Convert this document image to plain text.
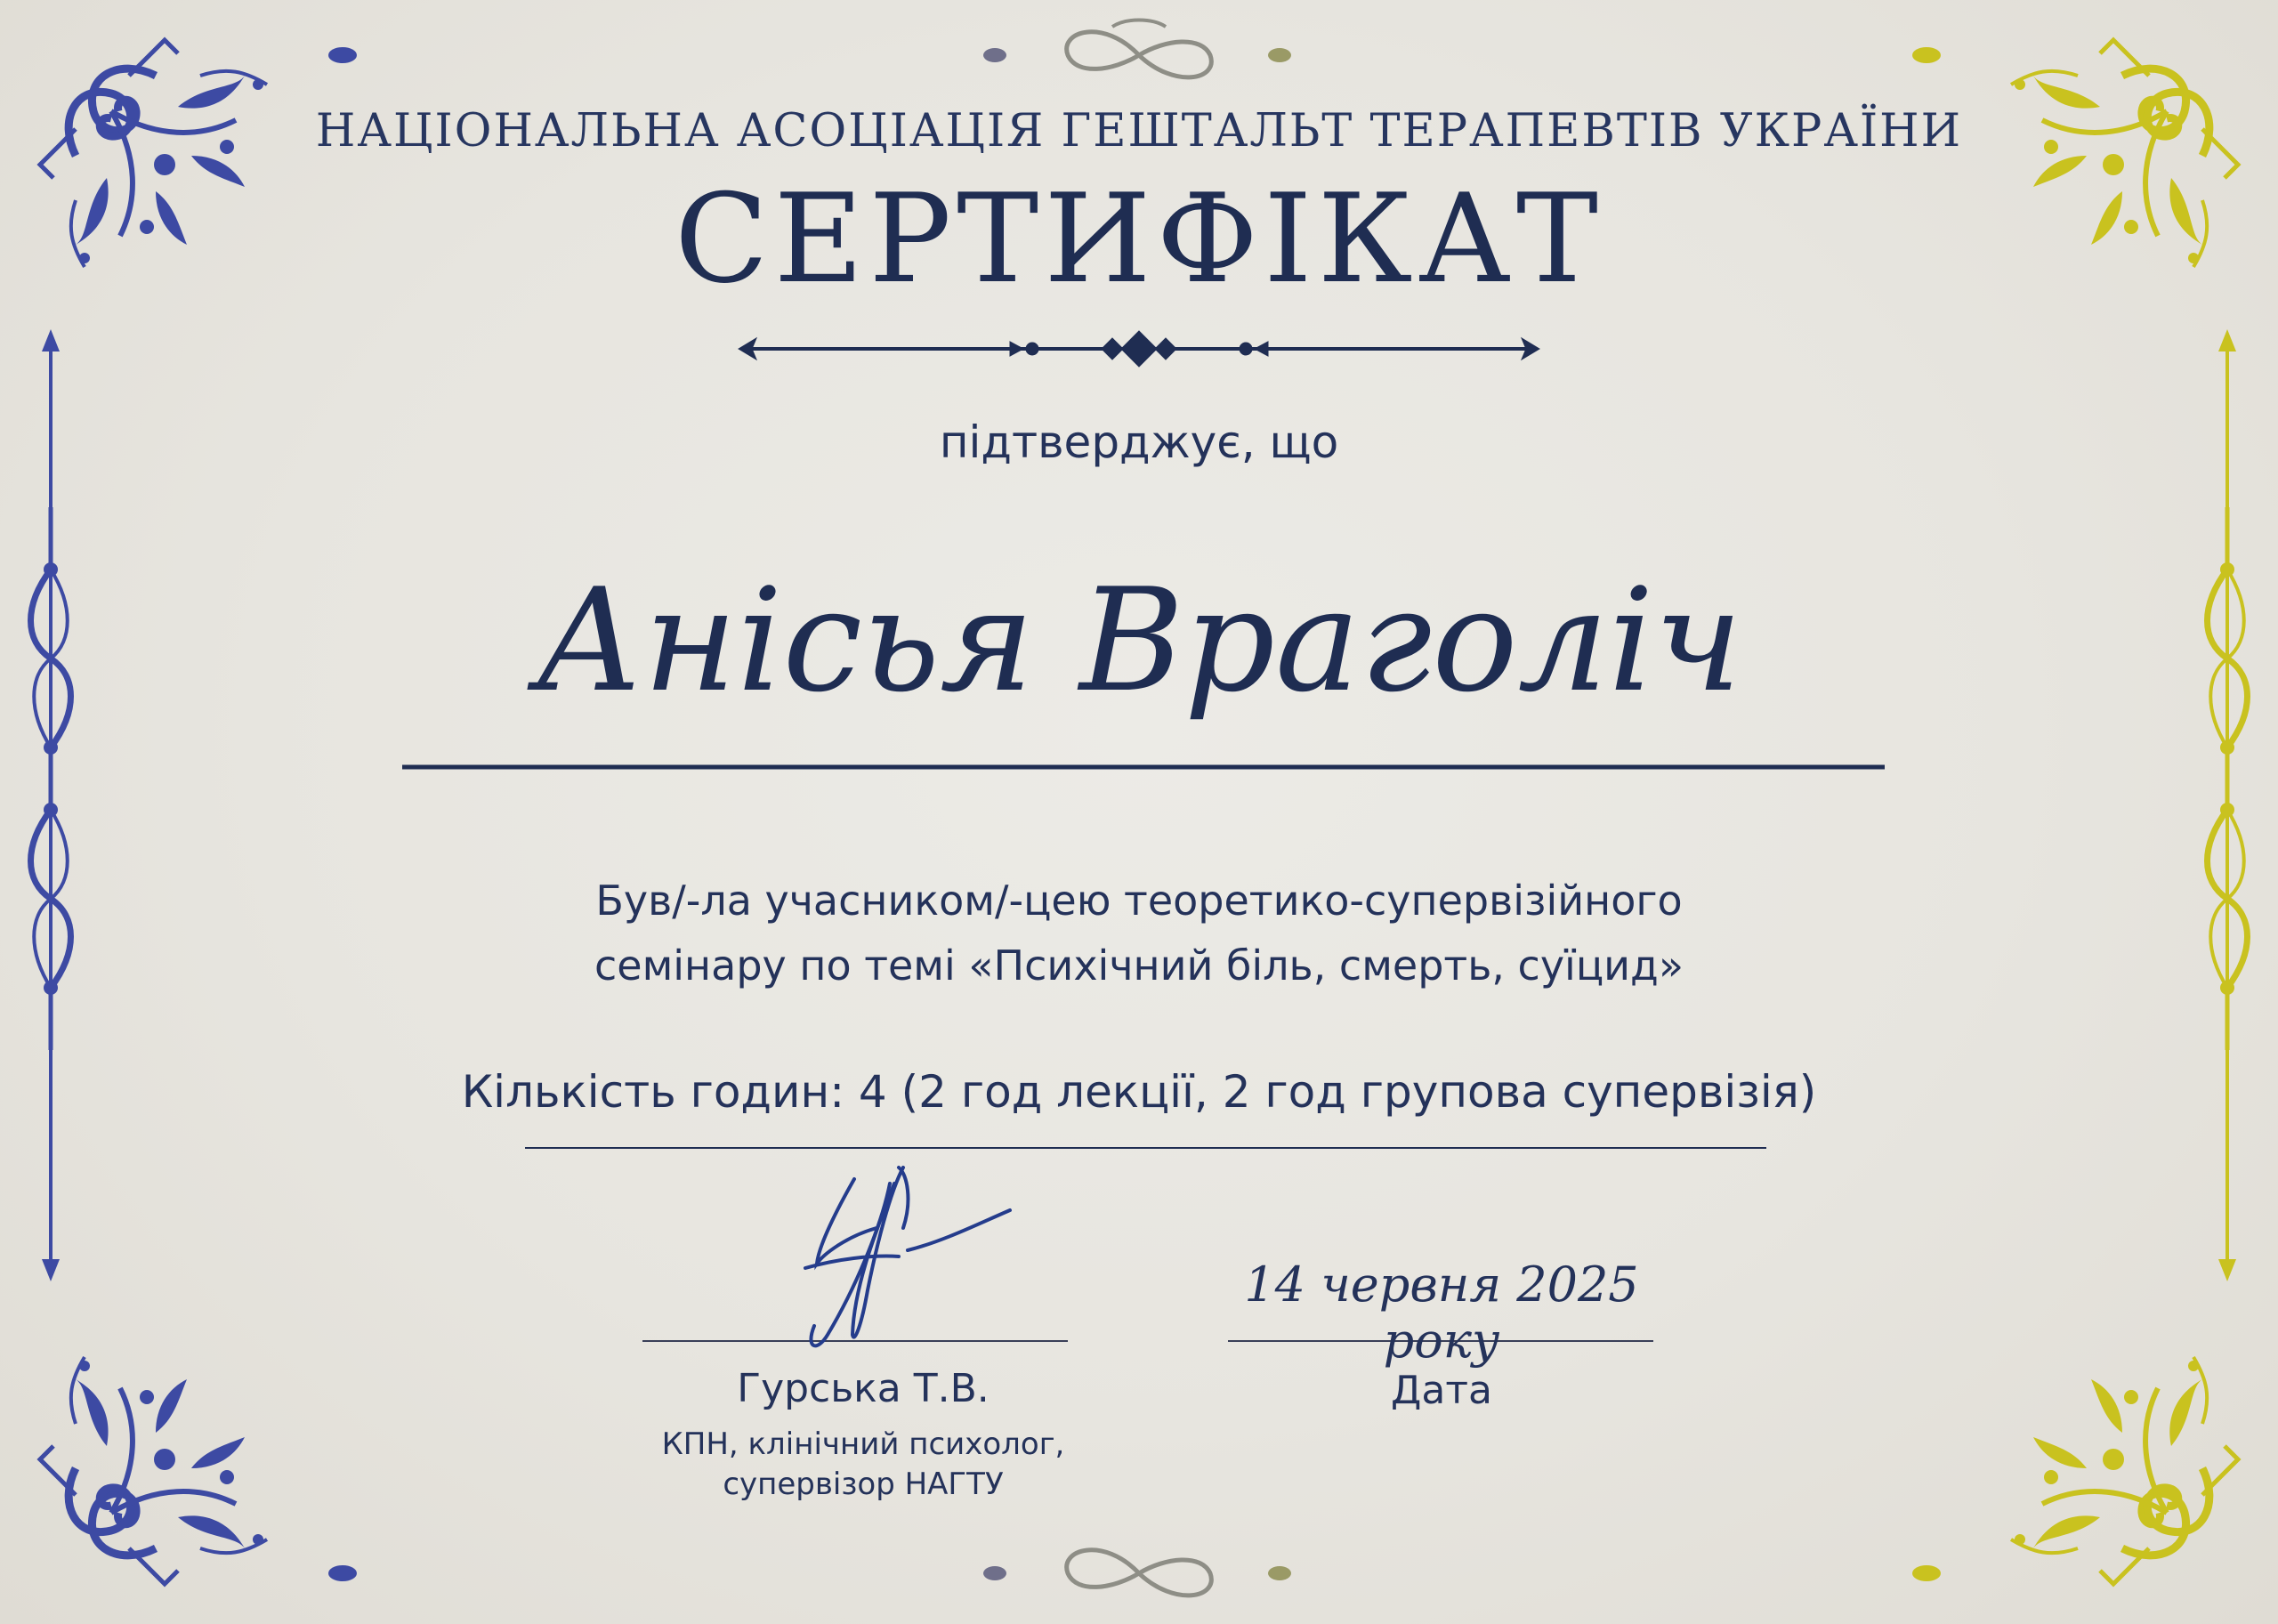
НАЦІОНАЛЬНА АСОЦІАЦІЯ ГЕШТАЛЬТ ТЕРАПЕВТІВ УКРАЇНИ
СЕРТИФІКАТ
підтверджує, що
Анісья Враголіч
Був/-ла учасником/-цею теоретико-супервізійного
семінару по темі «Психічний біль, смерть, суїцид»
Кількість годин: 4 (2 год лекції, 2 год групова супервізія)
Гурська Т.В.
КПН, клінічний психолог,
супервізор НАГТУ
14 червня 2025 року
Дата
